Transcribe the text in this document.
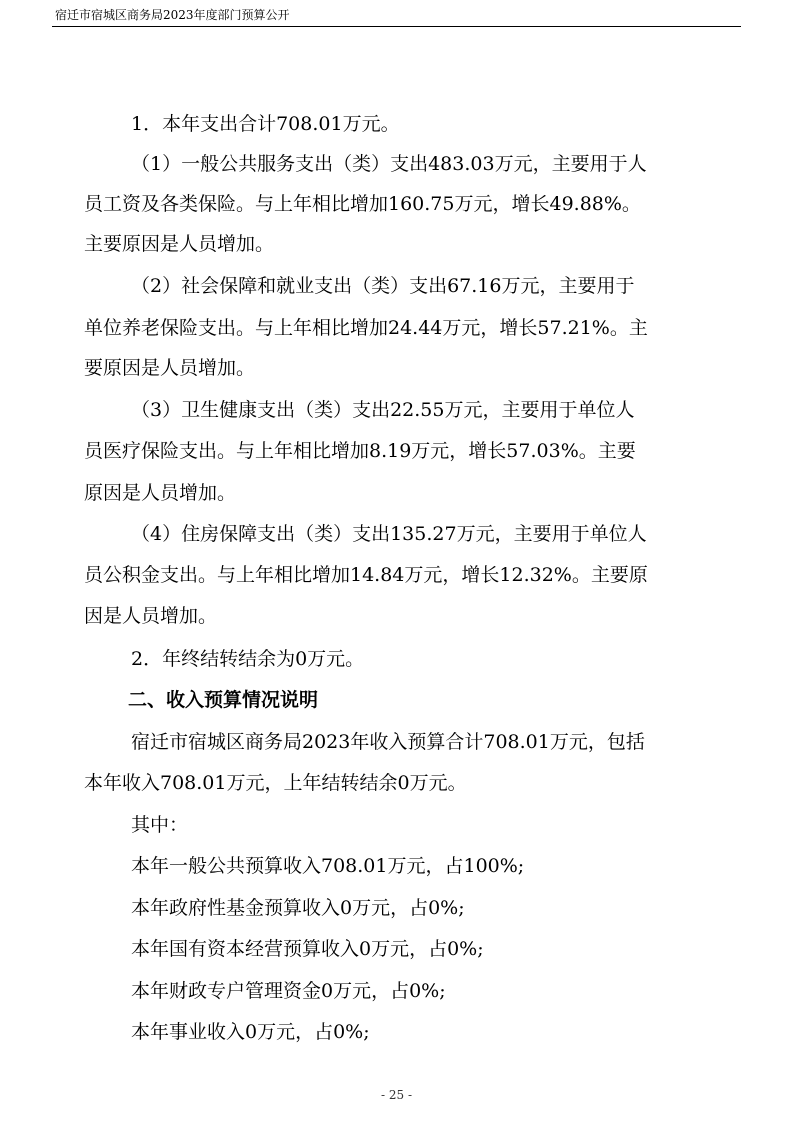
宿迁市宿城区商务局2023年度部门预算公开
1．本年支出合计708.01万元。
（1）一般公共服务支出（类）支出483.03万元，主要用于人
员工资及各类保险。与上年相比增加160.75万元，增长49.88%。
主要原因是人员增加。
（2）社会保障和就业支出（类）支出67.16万元，主要用于
单位养老保险支出。与上年相比增加24.44万元，增长57.21%。主
要原因是人员增加。
（3）卫生健康支出（类）支出22.55万元，主要用于单位人
员医疗保险支出。与上年相比增加8.19万元，增长57.03%。主要
原因是人员增加。
（4）住房保障支出（类）支出135.27万元，主要用于单位人
员公积金支出。与上年相比增加14.84万元，增长12.32%。主要原
因是人员增加。
2．年终结转结余为0万元。
二、收入预算情况说明
宿迁市宿城区商务局2023年收入预算合计708.01万元，包括
本年收入708.01万元，上年结转结余0万元。
其中：
本年一般公共预算收入708.01万元，占100%;
本年政府性基金预算收入0万元，占0%;
本年国有资本经营预算收入0万元，占0%;
本年财政专户管理资金0万元，占0%;
本年事业收入0万元，占0%;
- 25 -
